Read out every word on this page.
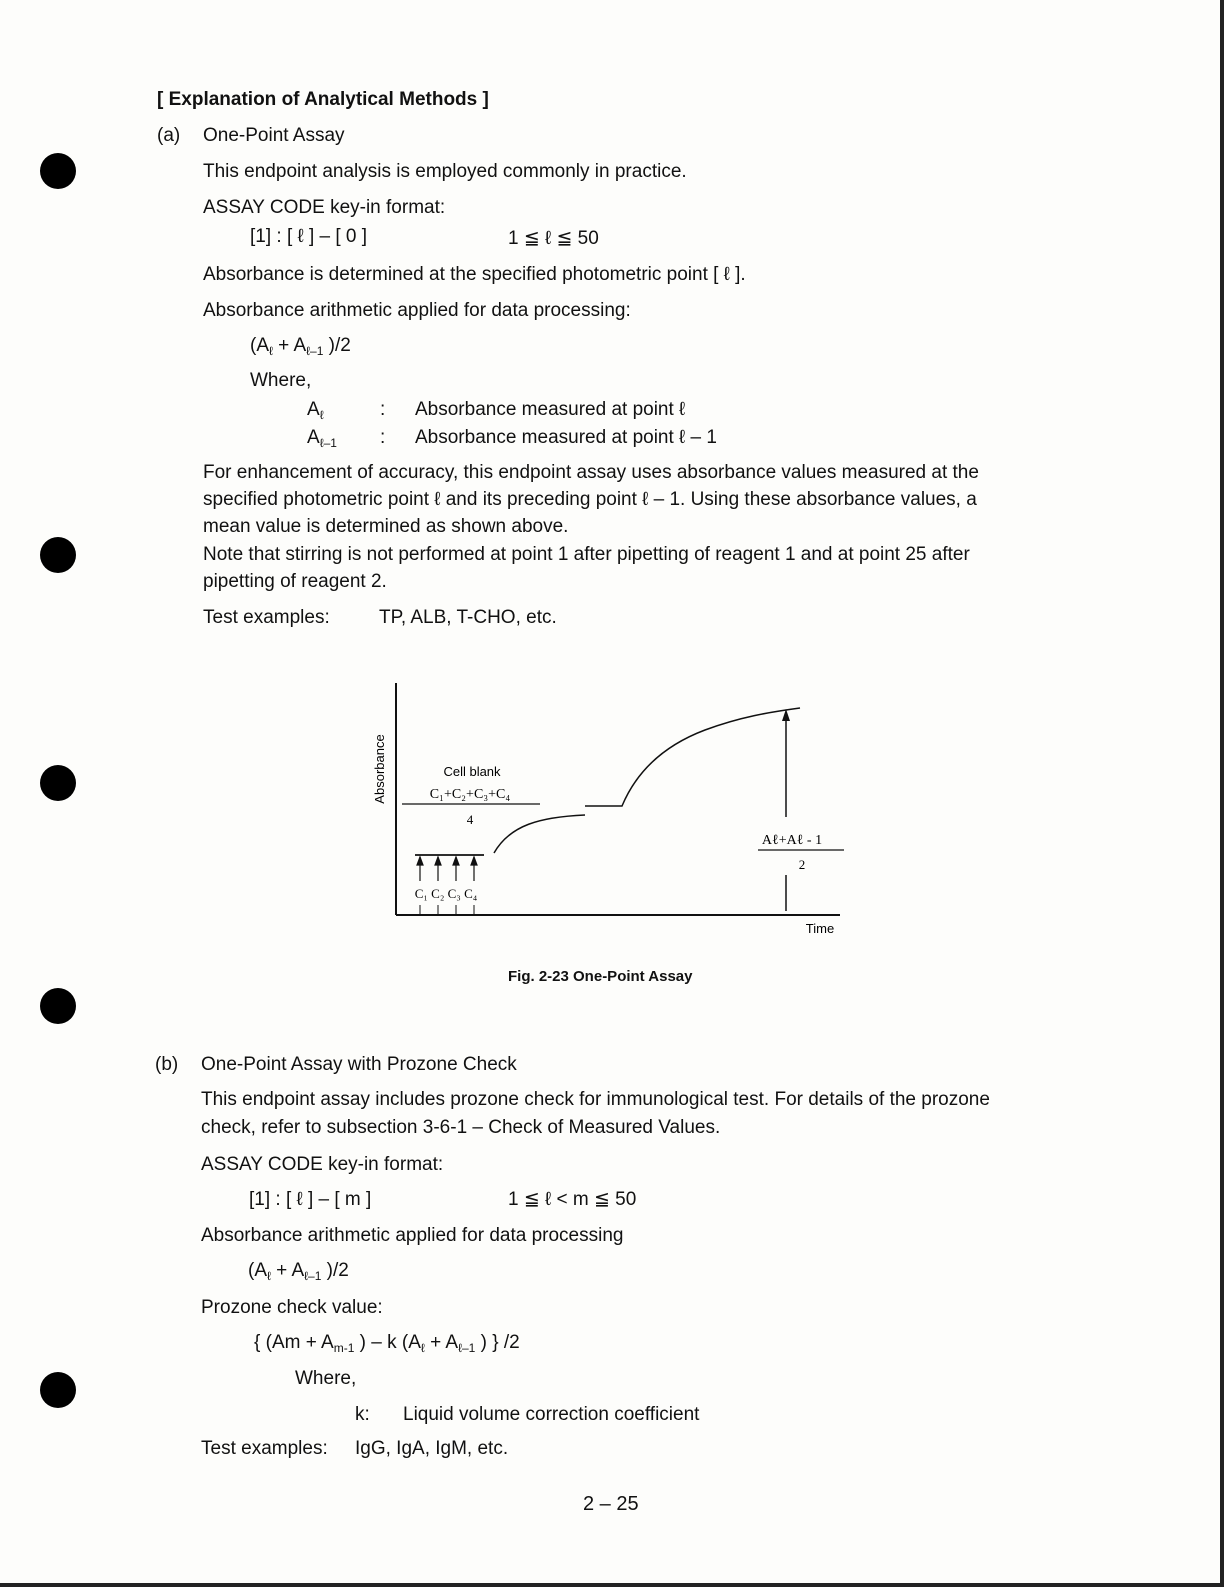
[ Explanation of Analytical Methods ]
(a) One-Point Assay
This endpoint analysis is employed commonly in practice.
ASSAY CODE key-in format:
[1] : [ ℓ ] – [ 0 ]	1 ≦ ℓ ≦ 50
Absorbance is determined at the specified photometric point [ ℓ ].
Absorbance arithmetic applied for data processing:
($A_\ell + A_{\ell-1}$ )/2
Where,
$A_\ell$	: Absorbance measured at point ℓ
$A_{\ell-1}$ : Absorbance measured at point ℓ – 1
For enhancement of accuracy, this endpoint assay uses absorbance values measured at the
specified photometric point ℓ and its preceding point ℓ – 1. Using these absorbance values, a
mean value is determined as shown above.
Note that stirring is not performed at point 1 after pipetting of reagent 1 and at point 25 after
pipetting of reagent 2.
Test examples:	TP, ALB, T-CHO, etc.
Absorbance
Time
Cell blank
C₁+C₂+C₃+C₄
4
C₁ C₂ C₃ C₄
Aℓ+Aℓ - 1
2
Fig. 2-23 One-Point Assay
(b) One-Point Assay with Prozone Check
This endpoint assay includes prozone check for immunological test. For details of the prozone
check, refer to subsection 3-6-1 – Check of Measured Values.
ASSAY CODE key-in format:
[1] : [ ℓ ] – [ m ]	1 ≦ ℓ < m ≦ 50
Absorbance arithmetic applied for data processing
($A_\ell + A_{\ell-1}$ )/2
Prozone check value:
{ ($Am + A_{m-1}$ ) – k ($A_\ell + A_{\ell-1}$ ) } /2
Where,
k: Liquid volume correction coefficient
Test examples: IgG, IgA, IgM, etc.
2 – 25
